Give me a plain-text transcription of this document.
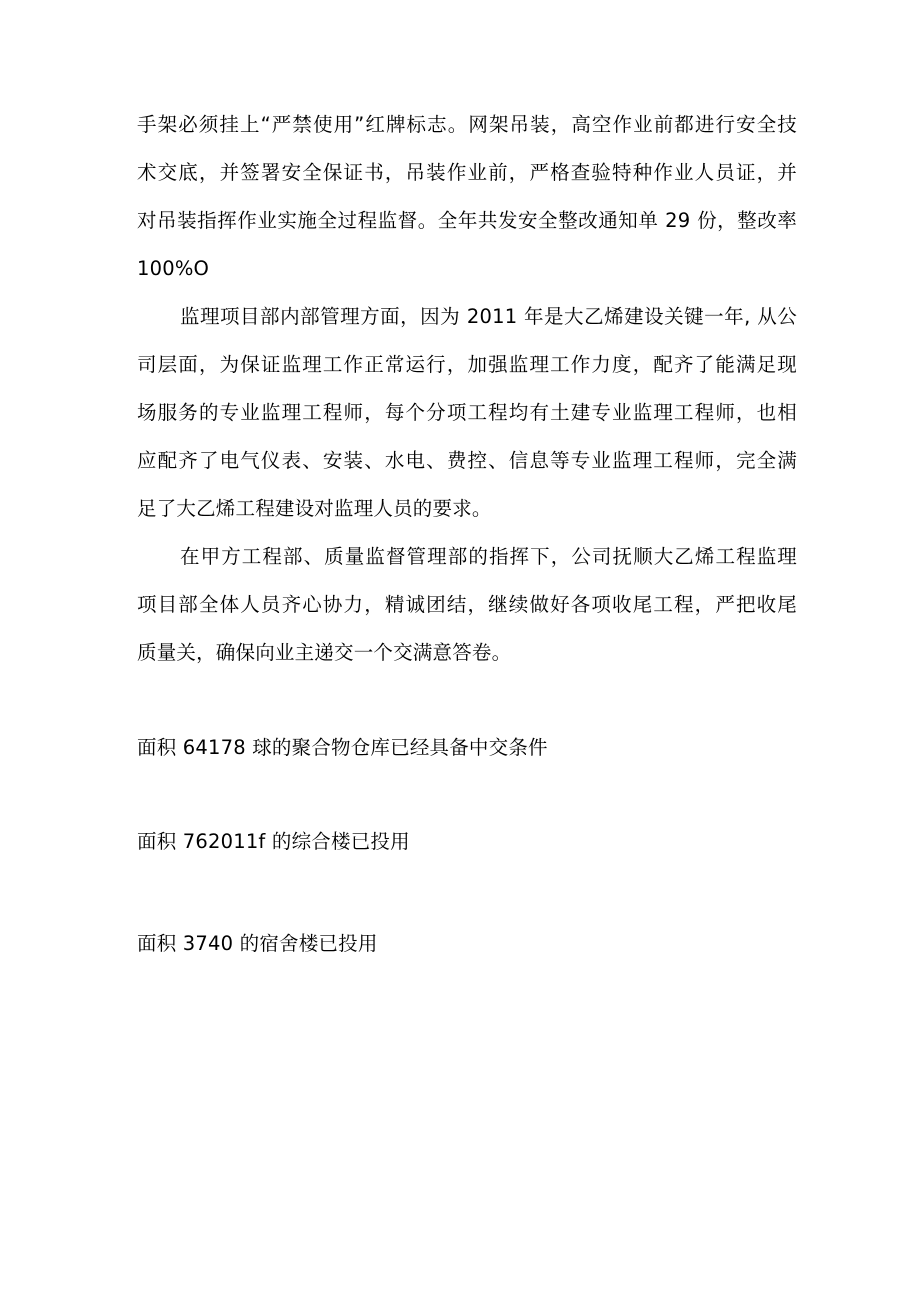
手架必须挂上“严禁使用”红牌标志。网架吊装，高空作业前都进行安全技
术交底，并签署安全保证书，吊装作业前，严格查验特种作业人员证，并
对吊装指挥作业实施全过程监督。全年共发安全整改通知单 29 份，整改率
100%O
监理项目部内部管理方面，因为 2011 年是大乙烯建设关键一年, 从公
司层面，为保证监理工作正常运行，加强监理工作力度，配齐了能满足现
场服务的专业监理工程师，每个分项工程均有土建专业监理工程师，也相
应配齐了电气仪表、安装、水电、费控、信息等专业监理工程师，完全满
足了大乙烯工程建设对监理人员的要求。
在甲方工程部、质量监督管理部的指挥下，公司抚顺大乙烯工程监理
项目部全体人员齐心协力，精诚团结，继续做好各项收尾工程，严把收尾
质量关，确保向业主递交一个交满意答卷。
面积 64178 球的聚合物仓库已经具备中交条件
面积 762011f 的综合楼已投用
面积 3740 的宿舍楼已投用
